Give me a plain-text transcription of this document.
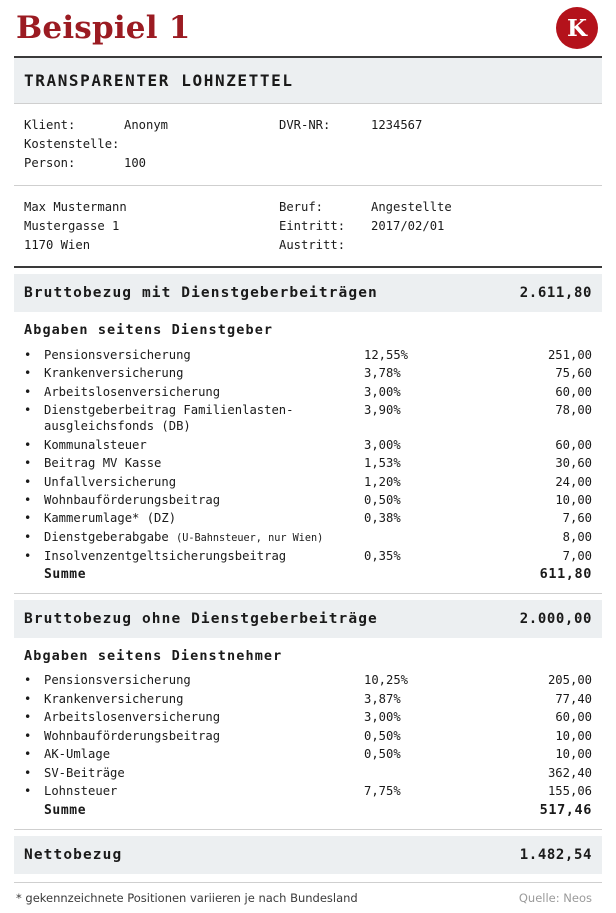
Beispiel 1	K
TRANSPARENTER LOHNZETTEL
Klient:	Anonym
Kostenstelle:
Person:	100
DVR-NR:	1234567
Max Mustermann
Mustergasse 1
1170 Wien
Beruf:	Angestellte
Eintritt:	2017/02/01
Austritt:
Bruttobezug mit Dienstgeberbeiträgen	2.611,80
Abgaben seitens Dienstgeber
•	Pensionsversicherung	12,55%	251,00
•	Krankenversicherung	3,78%	75,60
•	Arbeitslosenversicherung	3,00%	60,00
•	Dienstgeberbeitrag Familienlasten-
ausgleichsfonds (DB)	3,90%	78,00
•	Kommunalsteuer	3,00%	60,00
•	Beitrag MV Kasse	1,53%	30,60
•	Unfallversicherung	1,20%	24,00
•	Wohnbauförderungsbeitrag	0,50%	10,00
•	Kammerumlage* (DZ)	0,38%	7,60
•	Dienstgeberabgabe (U-Bahnsteuer, nur Wien)		8,00
•	Insolvenzentgeltsicherungsbeitrag	0,35%	7,00
	Summe		611,80
Bruttobezug ohne Dienstgeberbeiträge	2.000,00
Abgaben seitens Dienstnehmer
•	Pensionsversicherung	10,25%	205,00
•	Krankenversicherung	3,87%	77,40
•	Arbeitslosenversicherung	3,00%	60,00
•	Wohnbauförderungsbeitrag	0,50%	10,00
•	AK-Umlage	0,50%	10,00
•	SV-Beiträge		362,40
•	Lohnsteuer	7,75%	155,06
	Summe		517,46
Nettobezug	1.482,54
* gekennzeichnete Positionen variieren je nach Bundesland	Quelle: Neos
